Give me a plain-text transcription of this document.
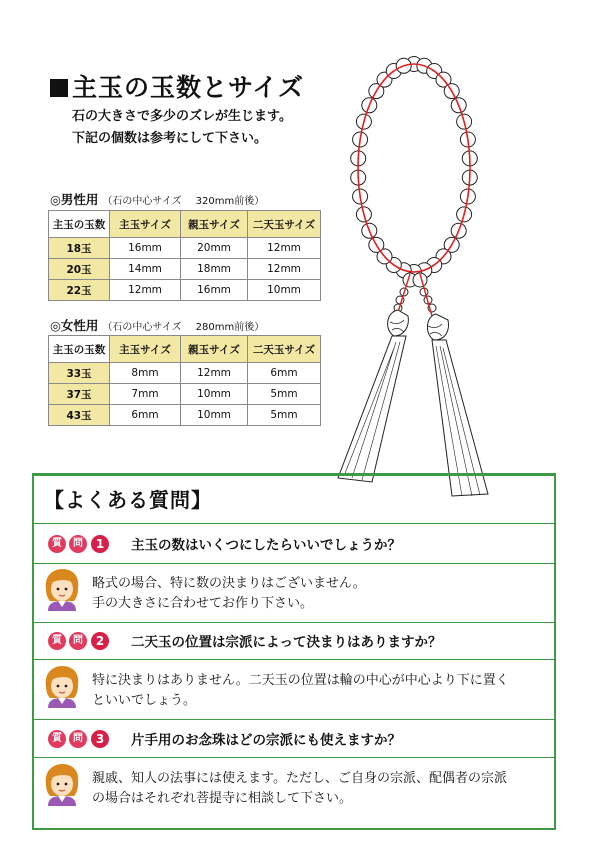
主玉の玉数とサイズ
石の大きさで多少のズレが生じます。
下記の個数は参考にして下さい。
◎男性用 （石の中心サイズ 320mm前後）
主玉の玉数	主玉サイズ	親玉サイズ	二天玉サイズ
18玉	16mm	20mm	12mm
20玉	14mm	18mm	12mm
22玉	12mm	16mm	10mm
◎女性用 （石の中心サイズ 280mm前後）
主玉の玉数	主玉サイズ	親玉サイズ	二天玉サイズ
33玉	8mm	12mm	6mm
37玉	7mm	10mm	5mm
43玉	6mm	10mm	5mm
【よくある質問】
質 問 1 主玉の数はいくつにしたらいいでしょうか？
略式の場合、特に数の決まりはございません。
手の大きさに合わせてお作り下さい。
質 問 2 二天玉の位置は宗派によって決まりはありますか？
特に決まりはありません。二天玉の位置は輪の中心が中心より下に置く
といいでしょう。
質 問 3 片手用のお念珠はどの宗派にも使えますか？
親戚、知人の法事には使えます。ただし、ご自身の宗派、配偶者の宗派
の場合はそれぞれ菩提寺に相談して下さい。
